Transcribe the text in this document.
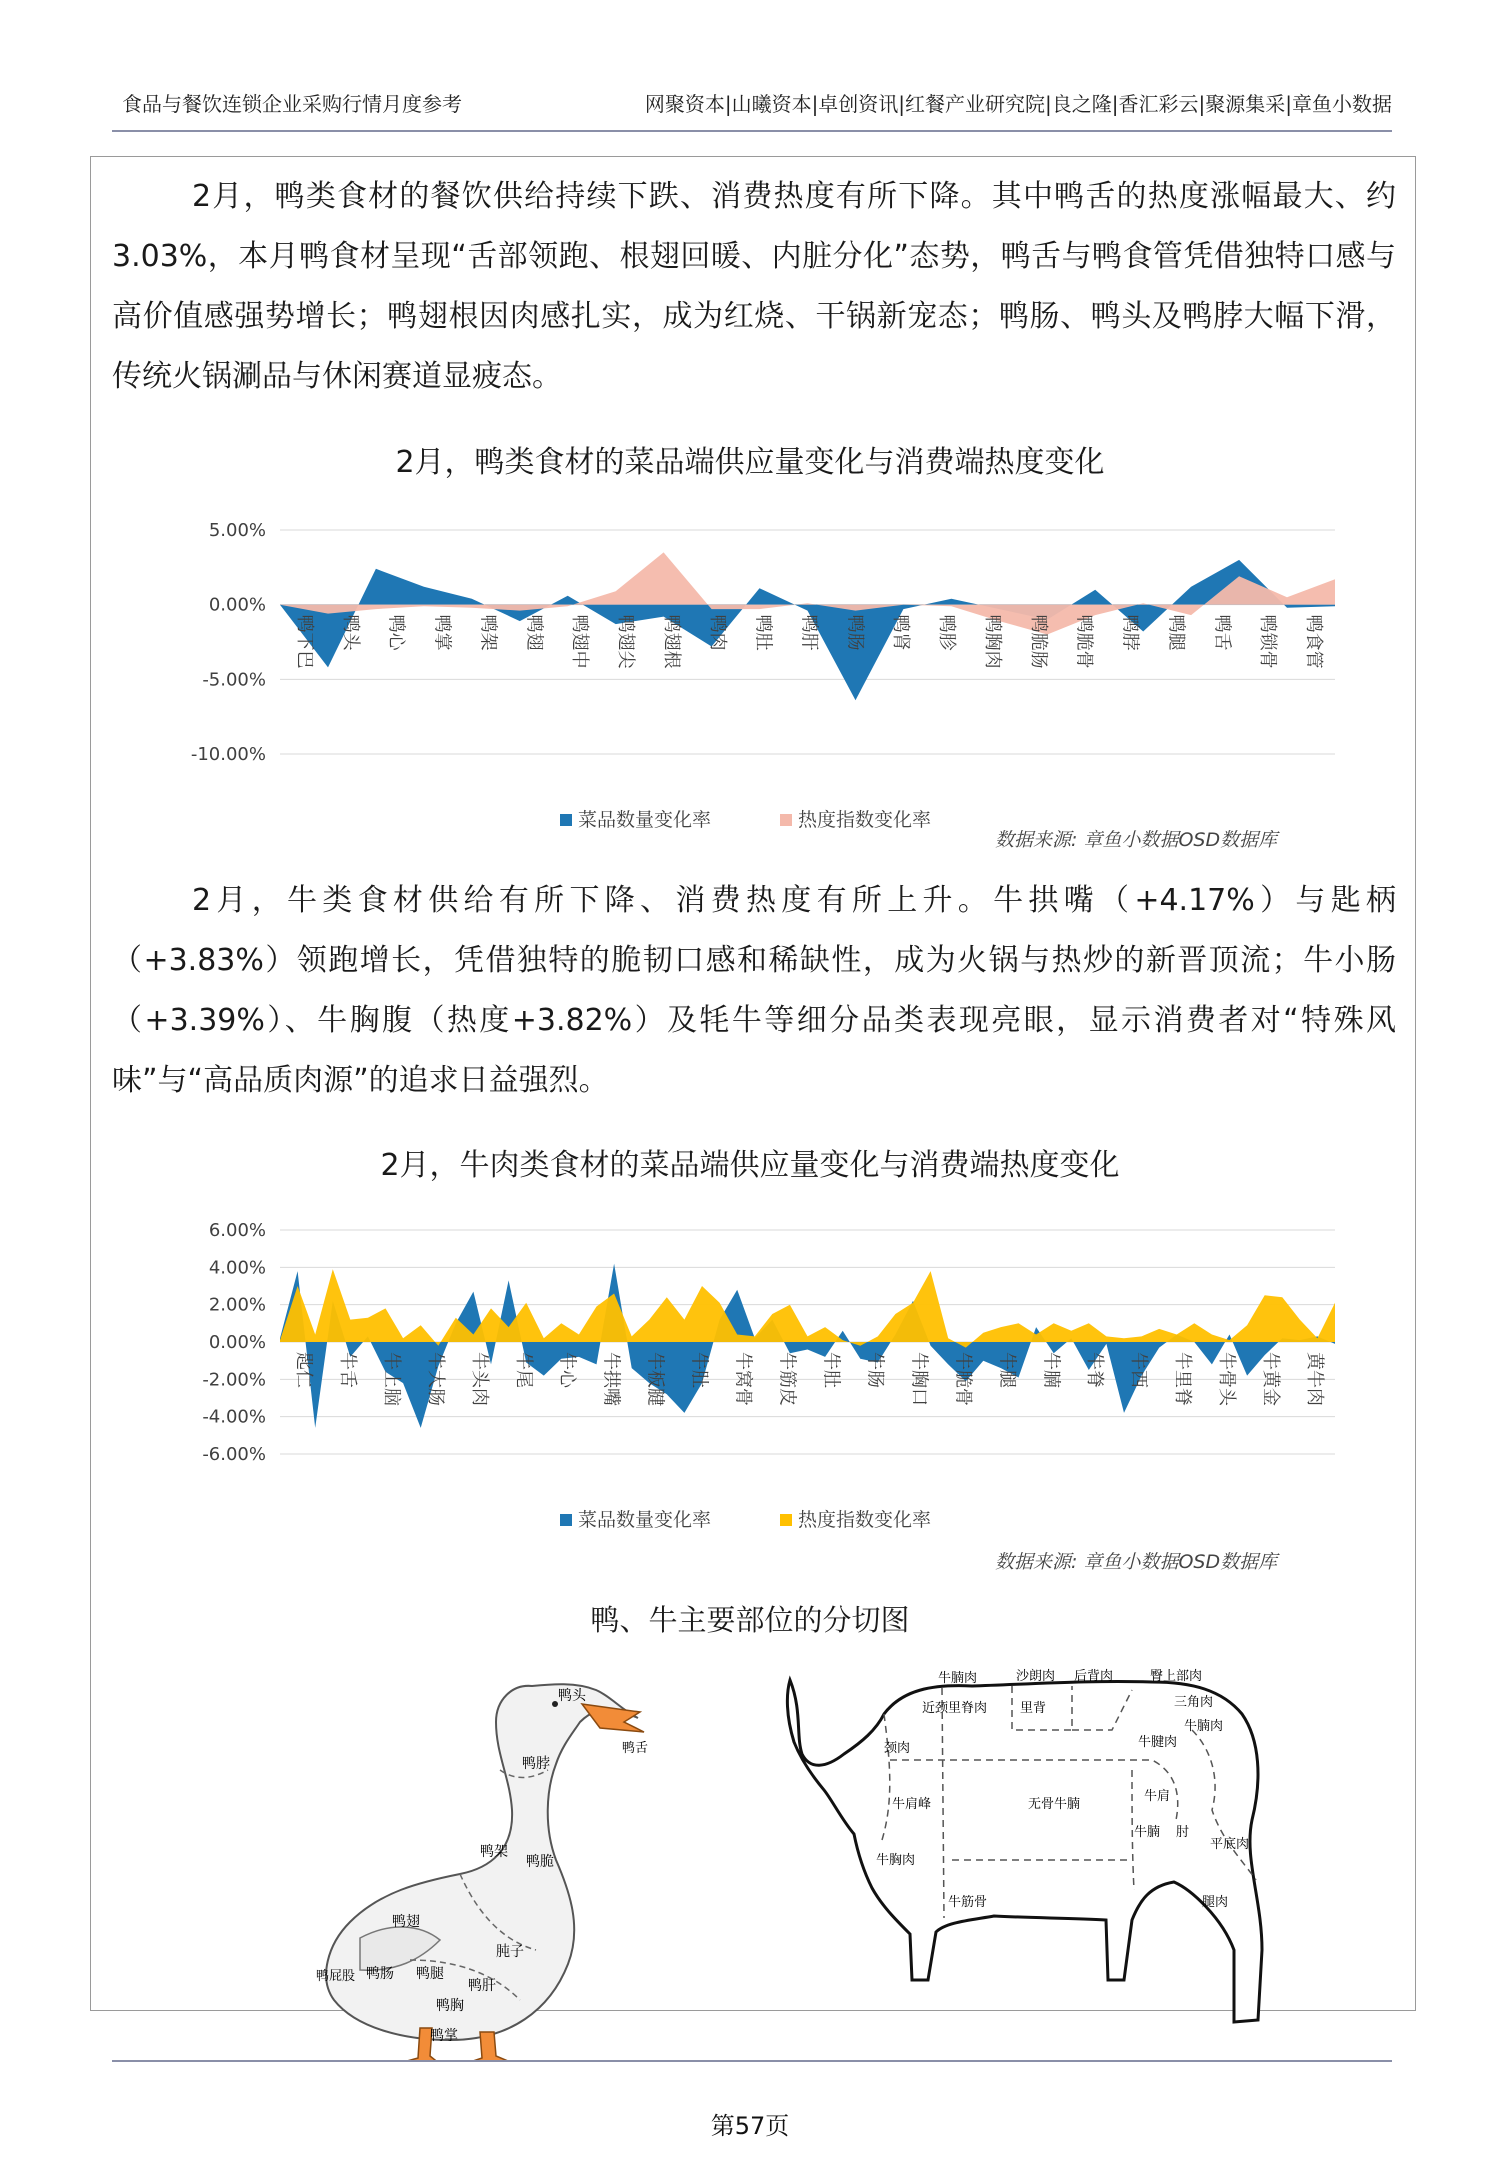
食品与餐饮连锁企业采购行情月度参考	网聚资本|山曦资本|卓创资讯|红餐产业研究院|良之隆|香汇彩云|聚源集采|章鱼小数据

2月，鸭类食材的餐饮供给持续下跌、消费热度有所下降。其中鸭舌的热度涨幅最大、约3.03%，本月鸭食材呈现“舌部领跑、根翅回暖、内脏分化”态势，鸭舌与鸭食管凭借独特口感与高价值感强势增长；鸭翅根因肉感扎实，成为红烧、干锅新宠态；鸭肠、鸭头及鸭脖大幅下滑，传统火锅涮品与休闲赛道显疲态。

2月，鸭类食材的菜品端供应量变化与消费端热度变化
5.00%
0.00%
-5.00%
-10.00%
鸭下巴 鸭头 鸭心 鸭掌 鸭架 鸭翅 鸭翅中 鸭翅尖 鸭翅根 鸭肉 鸭肚 鸭肝 鸭肠 鸭肾 鸭胗 鸭胸肉 鸭脆肠 鸭脆骨 鸭脖 鸭腿 鸭舌 鸭锁骨 鸭食管
菜品数量变化率	热度指数变化率
数据来源: 章鱼小数据OSD数据库

2月，牛类食材供给有所下降、消费热度有所上升。牛拱嘴（+4.17%）与匙柄（+3.83%）领跑增长，凭借独特的脆韧口感和稀缺性，成为火锅与热炒的新晋顶流；牛小肠（+3.39%）、牛胸腹（热度+3.82%）及牦牛等细分品类表现亮眼，显示消费者对“特殊风味”与“高品质肉源”的追求日益强烈。

2月，牛肉类食材的菜品端供应量变化与消费端热度变化
6.00%
4.00%
2.00%
0.00%
-2.00%
-4.00%
-6.00%
匙仁 牛舌 牛上脑 牛大肠 牛头肉 牛尾 牛心 牛拱嘴 牛板腱 牛肚 牛窝骨 牛筋皮 牛肚 牛肠 牛胸口 牛脆骨 牛腿 牛腩 牛脊 牛西 牛里脊 牛骨头 牛黄金 黄牛肉
菜品数量变化率	热度指数变化率
数据来源: 章鱼小数据OSD数据库
鸭、牛主要部位的分切图
鸭头
鸭舌
鸭脖
鸭架
鸭翅
鸭脆
鸭肠 鸭腿
肫子
鸭屁股
鸭肝
鸭胸
鸭掌
牛腩肉	沙朗肉 后背肉	臀上部肉
近颈里脊肉	里背	三角肉
牛腱肉
颈肉
牛腩肉
牛肩峰	无骨牛腩
牛肩
牛腩
牛胸肉
肘
平底肉
牛筋骨	腿肉
第57页
